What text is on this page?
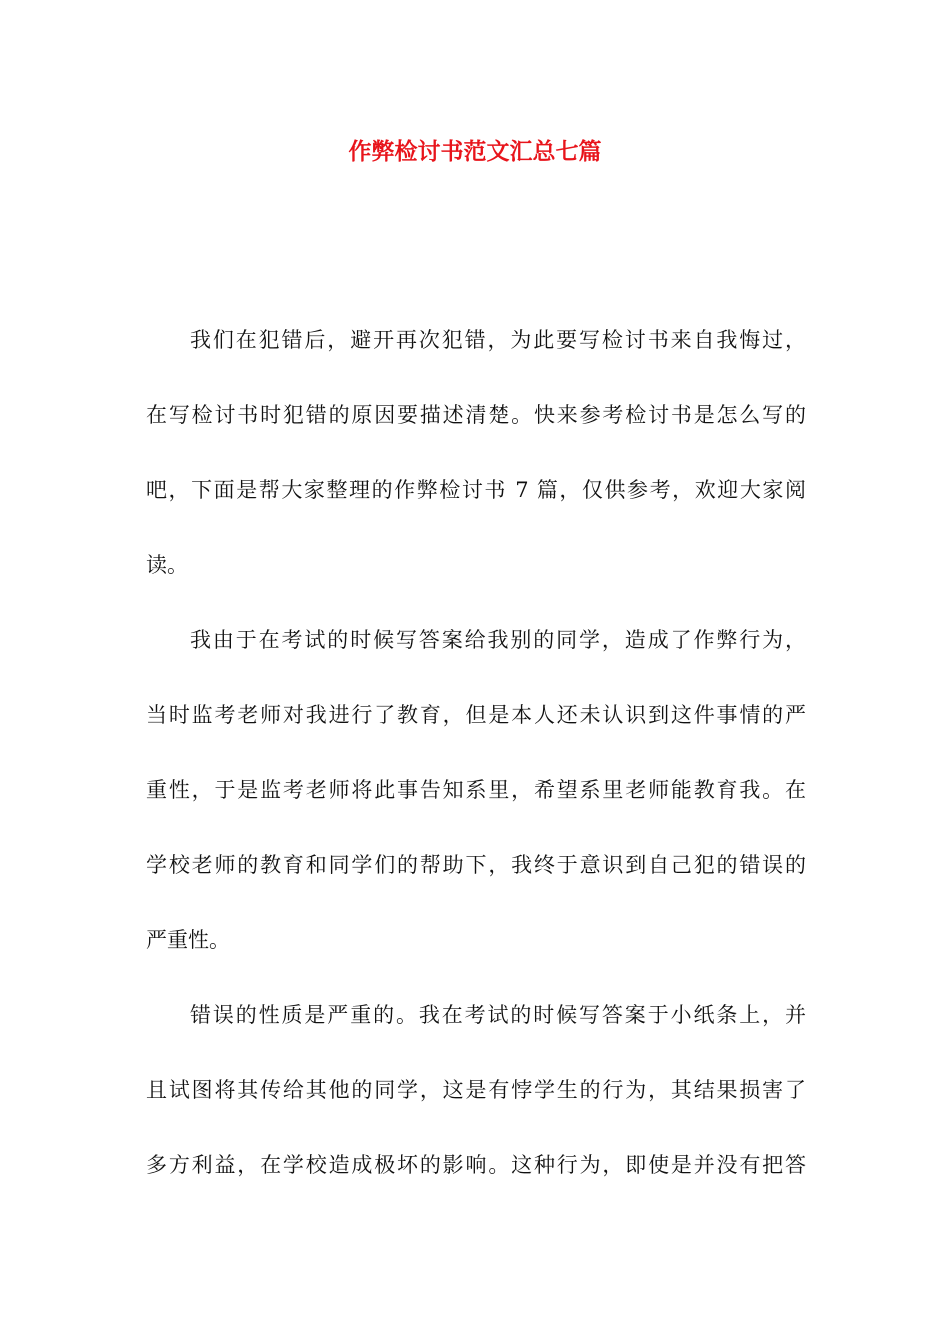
作弊检讨书范文汇总七篇
我们在犯错后，避开再次犯错，为此要写检讨书来自我悔过，
在写检讨书时犯错的原因要描述清楚。快来参考检讨书是怎么写的
吧，下面是帮大家整理的作弊检讨书 7 篇，仅供参考，欢迎大家阅
读。
我由于在考试的时候写答案给我别的同学，造成了作弊行为，
当时监考老师对我进行了教育，但是本人还未认识到这件事情的严
重性，于是监考老师将此事告知系里，希望系里老师能教育我。在
学校老师的教育和同学们的帮助下，我终于意识到自己犯的错误的
严重性。
错误的性质是严重的。我在考试的时候写答案于小纸条上，并
且试图将其传给其他的同学，这是有悖学生的行为，其结果损害了
多方利益，在学校造成极坏的影响。这种行为，即使是并没有把答
